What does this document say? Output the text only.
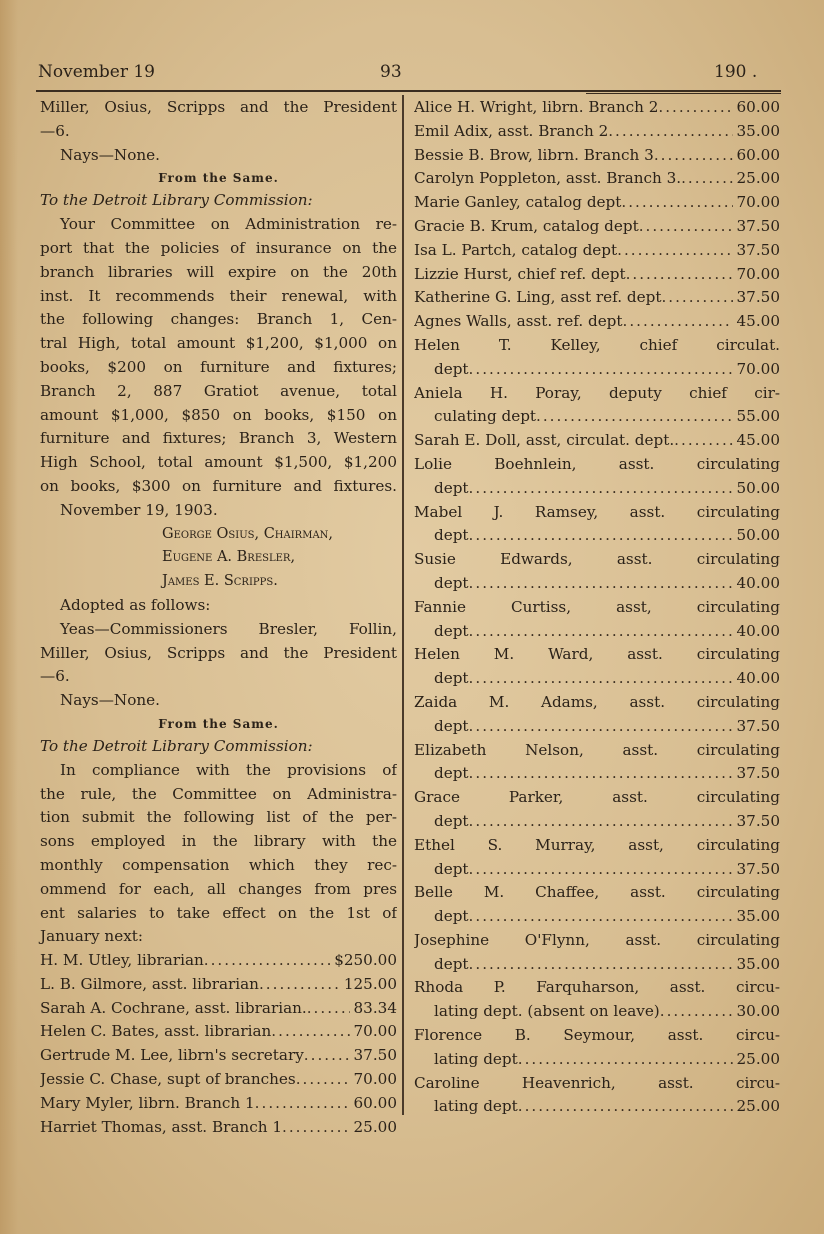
November 19	93	190 .
Miller, Osius, Scripps and the President
—6.
Nays—None.
From the Same.
To the Detroit Library Commission:
Your Committee on Administration re-
port that the policies of insurance on the
branch libraries will expire on the 20th
inst. It recommends their renewal, with
the following changes: Branch 1, Cen-
tral High, total amount $1,200, $1,000 on
books, $200 on furniture and fixtures;
Branch 2, 887 Gratiot avenue, total
amount $1,000, $850 on books, $150 on
furniture and fixtures; Branch 3, Western
High School, total amount $1,500, $1,200
on books, $300 on furniture and fixtures.
November 19, 1903.
George Osius, Chairman,
Eugene A. Bresler,
James E. Scripps.
Adopted as follows:
Yeas—Commissioners Bresler, Follin,
Miller, Osius, Scripps and the President
—6.
Nays—None.
From the Same.
To the Detroit Library Commission:
In compliance with the provisions of
the rule, the Committee on Administra-
tion submit the following list of the per-
sons employed in the library with the
monthly compensation which they rec-
ommend for each, all changes from pres
ent salaries to take effect on the 1st of
January next:
H. M. Utley, librarian .....	$250.00
L. B. Gilmore, asst. librarian .....	125.00
Sarah A. Cochrane, asst. librarian. .....	83.34
Helen C. Bates, asst. librarian .....	70.00
Gertrude M. Lee, librn's secretary .....	37.50
Jessie C. Chase, supt of branches .....	70.00
Mary Myler, librn. Branch 1 .....	60.00
Harriet Thomas, asst. Branch 1 .....	25.00
Alice H. Wright, librn. Branch 2 .....	60.00
Emil Adix, asst. Branch 2 .....	35.00
Bessie B. Brow, librn. Branch 3 .....	60.00
Carolyn Poppleton, asst. Branch 3. .....	25.00
Marie Ganley, catalog dept .....	70.00
Gracie B. Krum, catalog dept .....	37.50
Isa L. Partch, catalog dept .....	37.50
Lizzie Hurst, chief ref. dept .....	70.00
Katherine G. Ling, asst ref. dept .....	37.50
Agnes Walls, asst. ref. dept .....	45.00
Helen T. Kelley, chief circulat.
dept .....	70.00
Aniela H. Poray, deputy chief cir-
culating dept .....	55.00
Sarah E. Doll, asst, circulat. dept. .....	45.00
Lolie Boehnlein, asst. circulating
dept .....	50.00
Mabel J. Ramsey, asst. circulating
dept .....	50.00
Susie Edwards, asst. circulating
dept .....	40.00
Fannie Curtiss, asst, circulating
dept .....	40.00
Helen M. Ward, asst. circulating
dept .....	40.00
Zaida M. Adams, asst. circulating
dept .....	37.50
Elizabeth Nelson, asst. circulating
dept .....	37.50
Grace Parker, asst. circulating
dept .....	37.50
Ethel S. Murray, asst, circulating
dept .....	37.50
Belle M. Chaffee, asst. circulating
dept .....	35.00
Josephine O'Flynn, asst. circulating
dept .....	35.00
Rhoda P. Farquharson, asst. circu-
lating dept. (absent on leave) .....	30.00
Florence B. Seymour, asst. circu-
lating dept .....	25.00
Caroline Heavenrich, asst. circu-
lating dept .....	25.00
